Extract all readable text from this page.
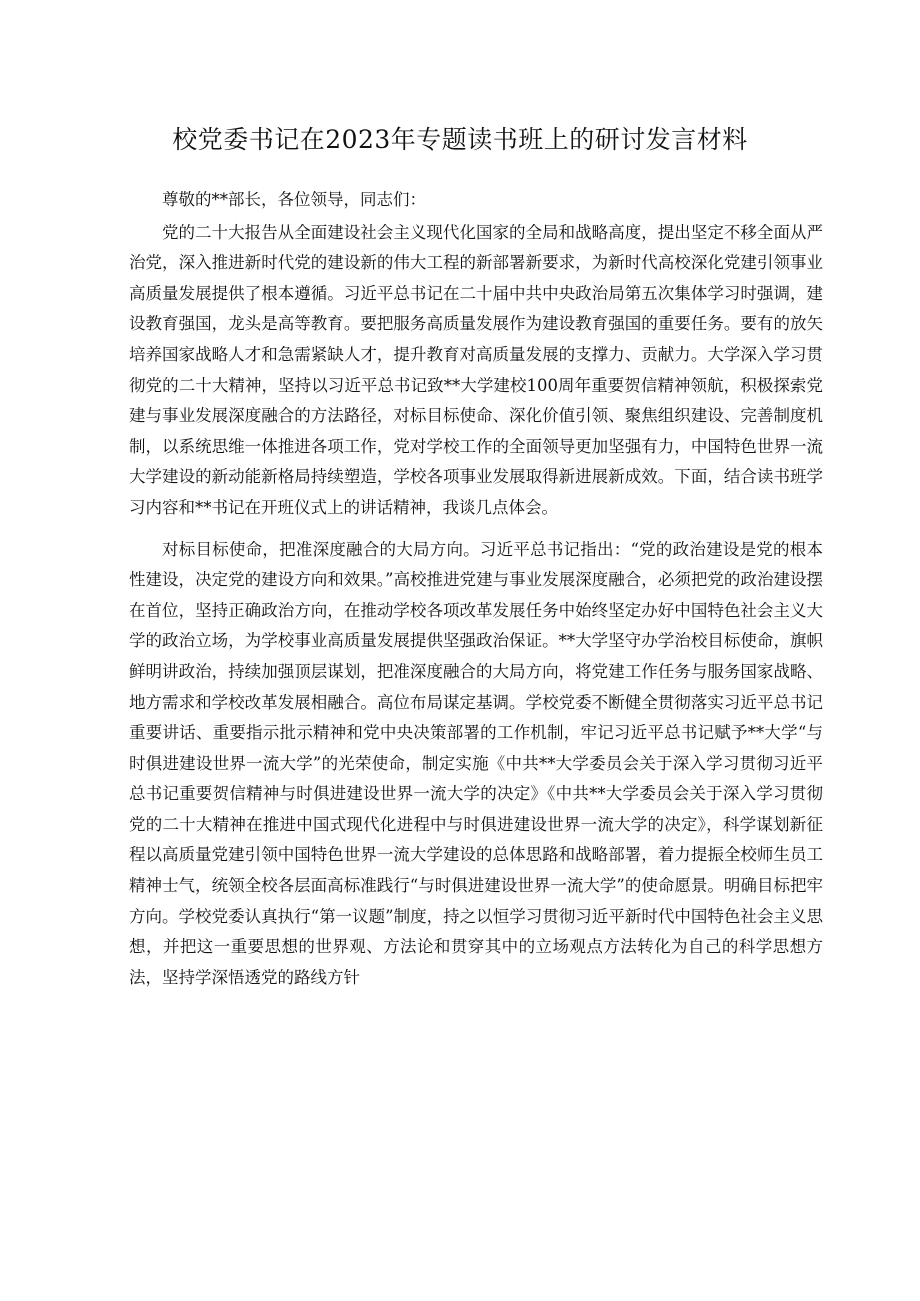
校党委书记在2023年专题读书班上的研讨发言材料

尊敬的**部长，各位领导，同志们：

党的二十大报告从全面建设社会主义现代化国家的全局和战略高度，提出坚定不移全面从严治党，深入推进新时代党的建设新的伟大工程的新部署新要求，为新时代高校深化党建引领事业高质量发展提供了根本遵循。习近平总书记在二十届中共中央政治局第五次集体学习时强调，建设教育强国，龙头是高等教育。要把服务高质量发展作为建设教育强国的重要任务。要有的放矢培养国家战略人才和急需紧缺人才，提升教育对高质量发展的支撑力、贡献力。大学深入学习贯彻党的二十大精神，坚持以习近平总书记致**大学建校100周年重要贺信精神领航，积极探索党建与事业发展深度融合的方法路径，对标目标使命、深化价值引领、聚焦组织建设、完善制度机制，以系统思维一体推进各项工作，党对学校工作的全面领导更加坚强有力，中国特色世界一流大学建设的新动能新格局持续塑造，学校各项事业发展取得新进展新成效。下面，结合读书班学习内容和**书记在开班仪式上的讲话精神，我谈几点体会。

对标目标使命，把准深度融合的大局方向。习近平总书记指出：“党的政治建设是党的根本性建设，决定党的建设方向和效果。”高校推进党建与事业发展深度融合，必须把党的政治建设摆在首位，坚持正确政治方向，在推动学校各项改革发展任务中始终坚定办好中国特色社会主义大学的政治立场，为学校事业高质量发展提供坚强政治保证。**大学坚守办学治校目标使命，旗帜鲜明讲政治，持续加强顶层谋划，把准深度融合的大局方向，将党建工作任务与服务国家战略、地方需求和学校改革发展相融合。高位布局谋定基调。学校党委不断健全贯彻落实习近平总书记重要讲话、重要指示批示精神和党中央决策部署的工作机制，牢记习近平总书记赋予**大学“与时俱进建设世界一流大学”的光荣使命，制定实施《中共**大学委员会关于深入学习贯彻习近平总书记重要贺信精神与时俱进建设世界一流大学的决定》《中共**大学委员会关于深入学习贯彻党的二十大精神在推进中国式现代化进程中与时俱进建设世界一流大学的决定》，科学谋划新征程以高质量党建引领中国特色世界一流大学建设的总体思路和战略部署，着力提振全校师生员工精神士气，统领全校各层面高标准践行“与时俱进建设世界一流大学”的使命愿景。明确目标把牢方向。学校党委认真执行“第一议题”制度，持之以恒学习贯彻习近平新时代中国特色社会主义思想，并把这一重要思想的世界观、方法论和贯穿其中的立场观点方法转化为自己的科学思想方法，坚持学深悟透党的路线方针
